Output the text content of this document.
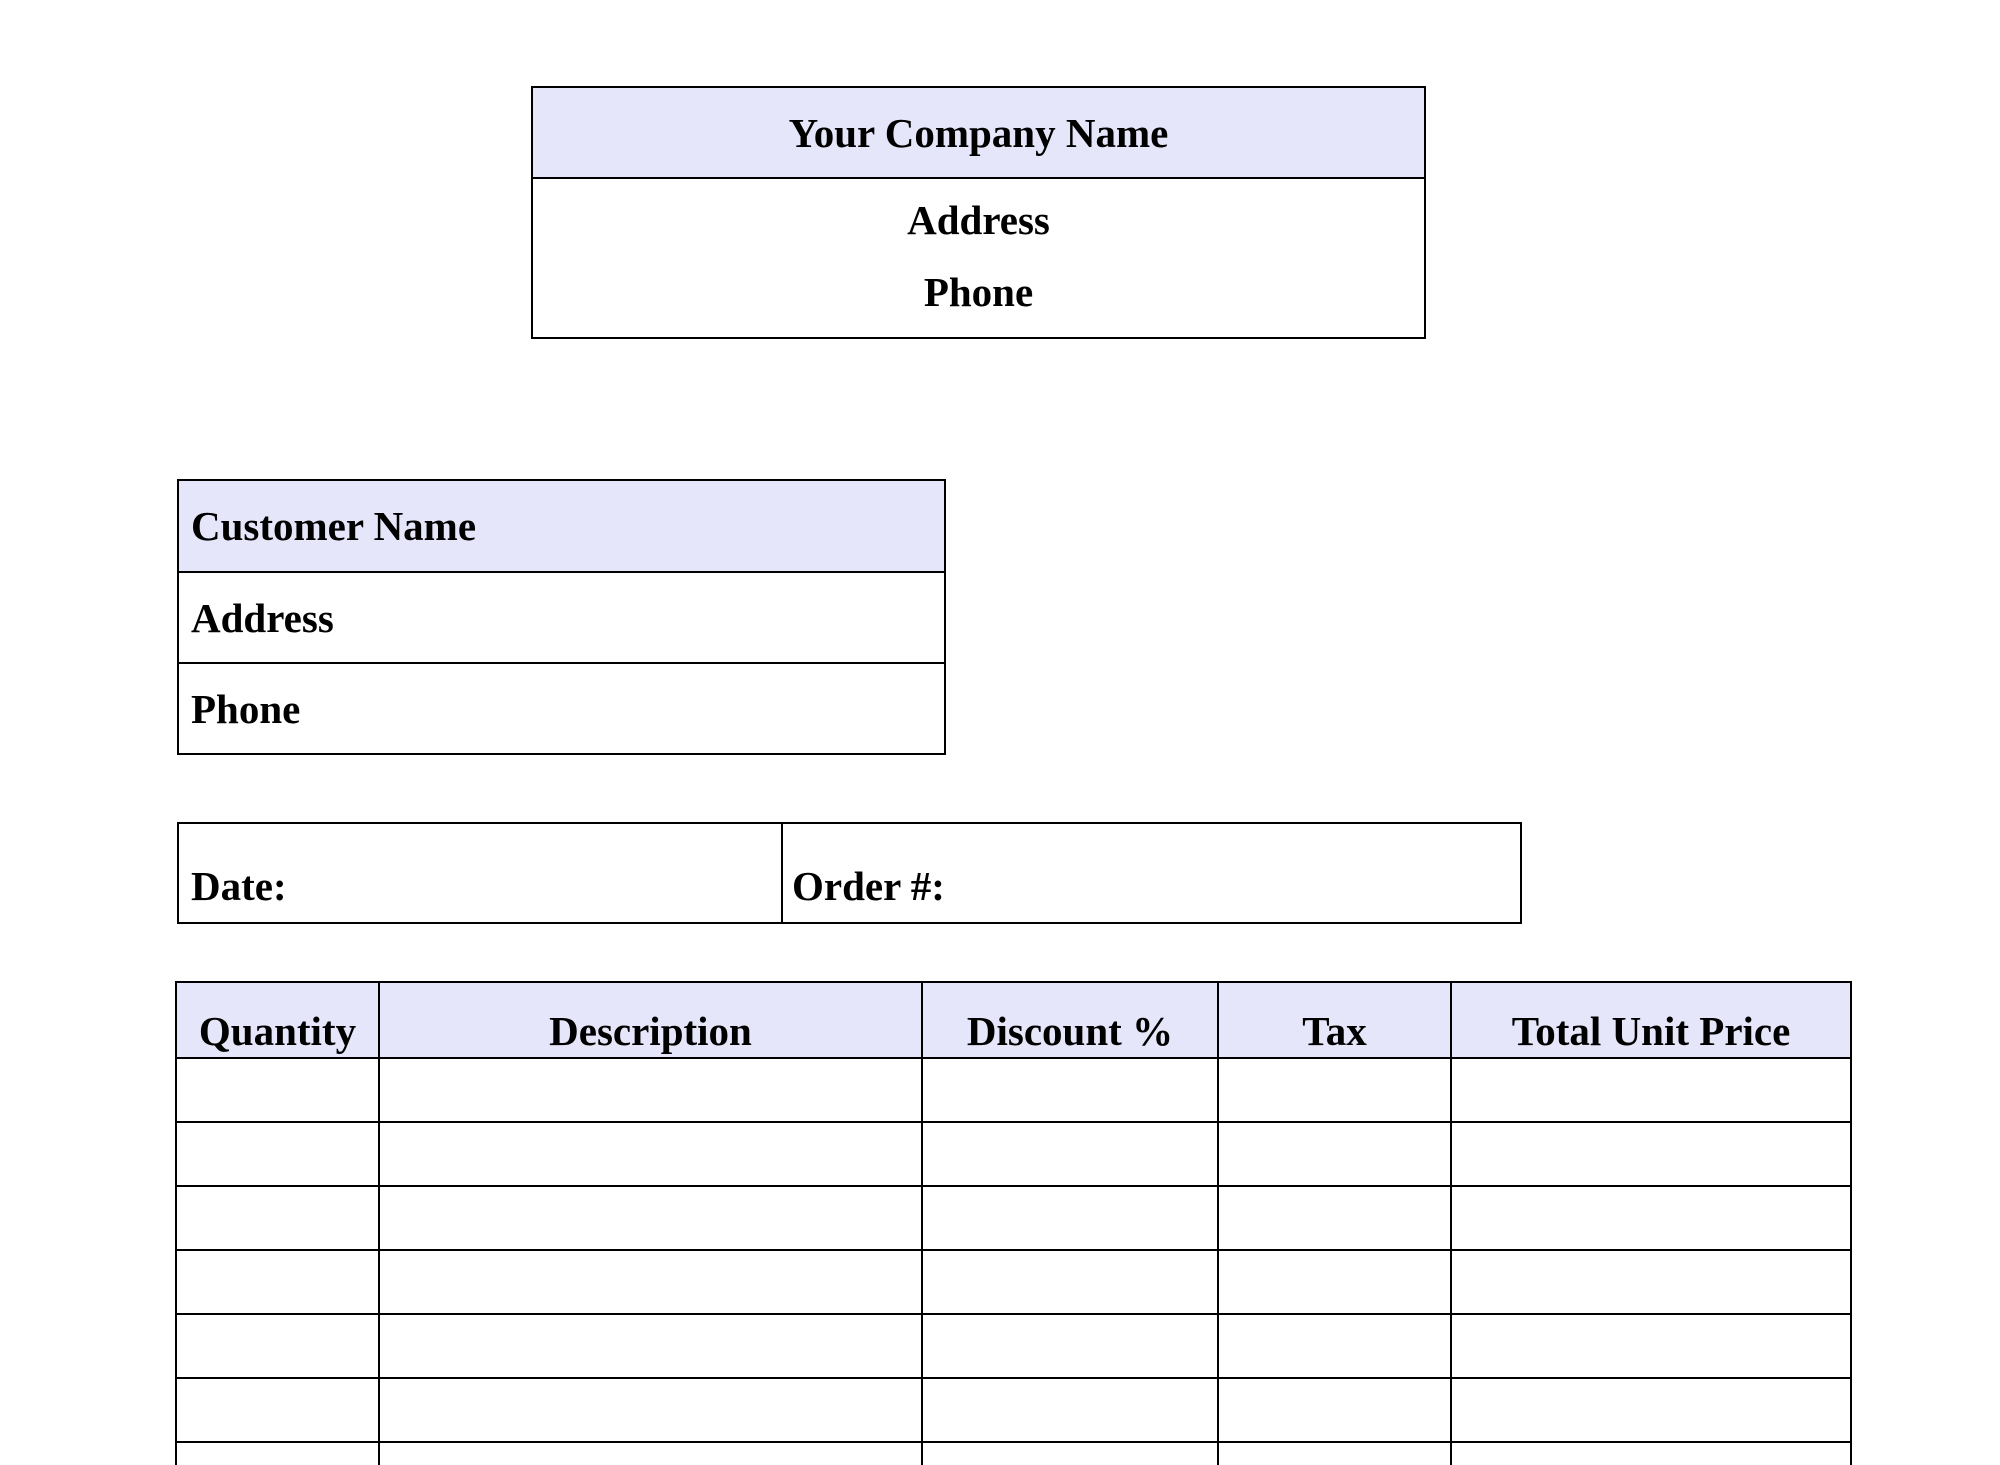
Your Company Name

Address
Phone
Customer Name
Address
Phone
Date:	Order #:
Quantity	Description	Discount %	Tax	Total Unit Price
